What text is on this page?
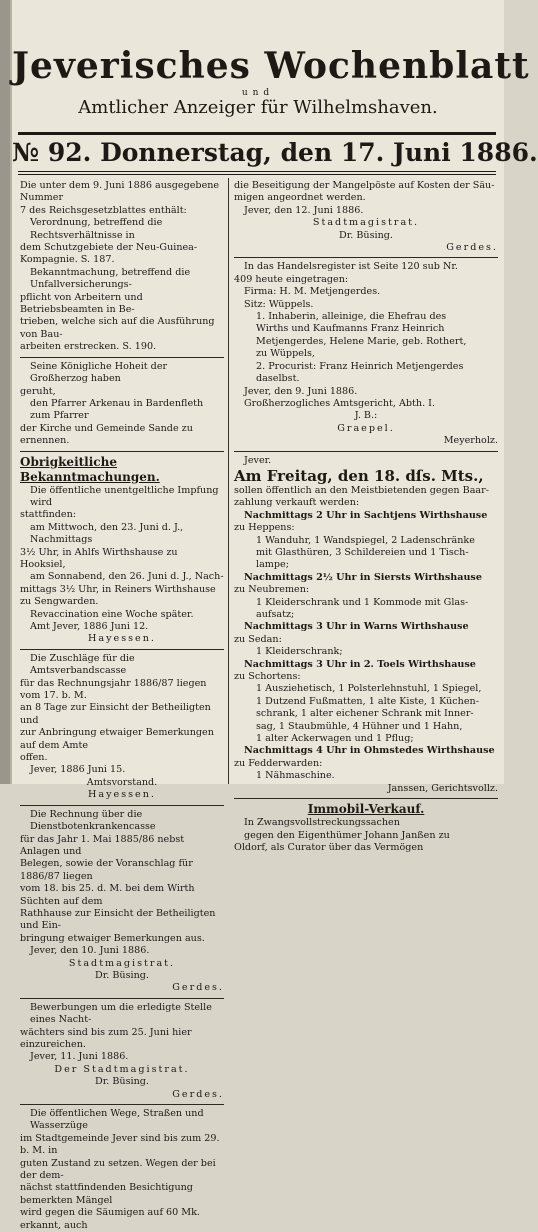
Jeverisches Wochenblatt
und
Amtlicher Anzeiger für Wilhelmshaven.
№ 92. Donnerstag, den 17. Juni 1886.

Die unter dem 9. Juni 1886 ausgegebene Nummer

7 des Reichsgesetzblattes enthält:

Verordnung, betreffend die Rechtsverhältnisse in

dem Schutzgebiete der Neu-Guinea-Kompagnie. S. 187.

Bekanntmachung, betreffend die Unfallversicherungs-

pflicht von Arbeitern und Betriebsbeamten in Be-

trieben, welche sich auf die Ausführung von Bau-

arbeiten erstrecken. S. 190.

Seine Königliche Hoheit der Großherzog haben

geruht,

den Pfarrer Arkenau in Bardenfleth zum Pfarrer

der Kirche und Gemeinde Sande zu ernennen.

Obrigkeitliche Bekanntmachungen.

Die öffentliche unentgeltliche Impfung wird

stattfinden:

am Mittwoch, den 23. Juni d. J., Nachmittags

3½ Uhr, in Ahlfs Wirthshause zu Hooksiel,

am Sonnabend, den 26. Juni d. J., Nach-

mittags 3½ Uhr, in Reiners Wirthshause

zu Sengwarden.

Revaccination eine Woche später.

Amt Jever, 1886 Juni 12.

Hayessen.

Die Zuschläge für die Amtsverbandscasse

für das Rechnungsjahr 1886/87 liegen vom 17. b. M.

an 8 Tage zur Einsicht der Betheiligten und

zur Anbringung etwaiger Bemerkungen auf dem Amte

offen.

Jever, 1886 Juni 15.

Amtsvorstand.

Hayessen.

Die Rechnung über die Dienstbotenkrankencasse

für das Jahr 1. Mai 1885/86 nebst Anlagen und

Belegen, sowie der Voranschlag für 1886/87 liegen

vom 18. bis 25. d. M. bei dem Wirth Süchten auf dem

Rathhause zur Einsicht der Betheiligten und Ein-

bringung etwaiger Bemerkungen aus.

Jever, den 10. Juni 1886.

Stadtmagistrat.

Dr. Büsing.

Gerdes.

Bewerbungen um die erledigte Stelle eines Nacht-

wächters sind bis zum 25. Juni hier einzureichen.

Jever, 11. Juni 1886.

Der Stadtmagistrat.

Dr. Büsing.

Gerdes.

Die öffentlichen Wege, Straßen und Wasserzüge

im Stadtgemeinde Jever sind bis zum 29. b. M. in

guten Zustand zu setzen. Wegen der bei der dem-

nächst stattfindenden Besichtigung bemerkten Mängel

wird gegen die Säumigen auf 60 Mk. erkannt, auch

die Beseitigung der Mangelpöste auf Kosten der Säu-

migen angeordnet werden.

Jever, den 12. Juni 1886.

Stadtmagistrat.

Dr. Büsing.

Gerdes.

In das Handelsregister ist Seite 120 sub Nr.

409 heute eingetragen:

Firma: H. M. Metjengerdes.

Sitz: Wüppels.

1. Inhaberin, alleinige, die Ehefrau des

Wirths und Kaufmanns Franz Heinrich

Metjengerdes, Helene Marie, geb. Rothert,

zu Wüppels,

2. Procurist: Franz Heinrich Metjengerdes

daselbst.

Jever, den 9. Juni 1886.

Großherzogliches Amtsgericht, Abth. I.

J. B.:

Graepel.

Meyerholz.

Jever.

Am Freitag, den 18. dſs. Mts.,

sollen öffentlich an den Meistbietenden gegen Baar-

zahlung verkauft werden:

Nachmittags 2 Uhr in Sachtjens Wirthshause

zu Heppens:

1 Wanduhr, 1 Wandspiegel, 2 Ladenschränke

mit Glasthüren, 3 Schildereien und 1 Tisch-

lampe;

Nachmittags 2½ Uhr in Siersts Wirthshause

zu Neubremen:

1 Kleiderschrank und 1 Kommode mit Glas-

aufsatz;

Nachmittags 3 Uhr in Warns Wirthshause

zu Sedan:

1 Kleiderschrank;

Nachmittags 3 Uhr in 2. Toels Wirthshause

zu Schortens:

1 Ausziehetisch, 1 Polsterlehnstuhl, 1 Spiegel,

1 Dutzend Fußmatten, 1 alte Kiste, 1 Küchen-

schrank, 1 alter eichener Schrank mit Inner-

sag, 1 Staubmühle, 4 Hühner und 1 Hahn,

1 alter Ackerwagen und 1 Pflug;

Nachmittags 4 Uhr in Ohmstedes Wirthshause

zu Fedderwarden:

1 Nähmaschine.

Janssen, Gerichtsvollz.

Immobil-Verkauf.

In Zwangsvollstreckungssachen

gegen den Eigenthümer Johann Janßen zu

Oldorf, als Curator über das Vermögen
